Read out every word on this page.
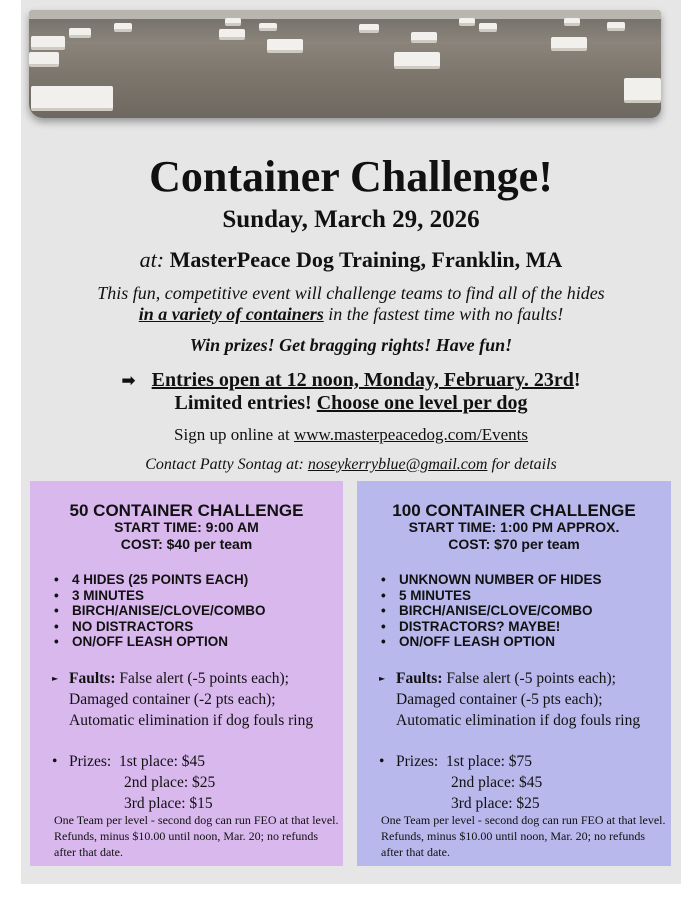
Container Challenge!
Sunday, March 29, 2026
at: MasterPeace Dog Training, Franklin, MA
This fun, competitive event will challenge teams to find all of the hides
in a variety of containers in the fastest time with no faults!
Win prizes! Get bragging rights! Have fun!
➡ Entries open at 12 noon, Monday, February. 23rd!
Limited entries! Choose one level per dog
Sign up online at www.masterpeacedog.com/Events
Contact Patty Sontag at: noseykerryblue@gmail.com for details
50 CONTAINER CHALLENGE
START TIME: 9:00 AM
COST: $40 per team
• 4 HIDES (25 POINTS EACH)
• 3 MINUTES
• BIRCH/ANISE/CLOVE/COMBO
• NO DISTRACTORS
• ON/OFF LEASH OPTION
► Faults: False alert (-5 points each); Damaged container (-2 pts each); Automatic elimination if dog fouls ring
• Prizes: 1st place: $45
2nd place: $25
3rd place: $15
One Team per level - second dog can run FEO at that level. Refunds, minus $10.00 until noon, Mar. 20; no refunds after that date.
100 CONTAINER CHALLENGE
START TIME: 1:00 PM APPROX.
COST: $70 per team
• UNKNOWN NUMBER OF HIDES
• 5 MINUTES
• BIRCH/ANISE/CLOVE/COMBO
• DISTRACTORS? MAYBE!
• ON/OFF LEASH OPTION
► Faults: False alert (-5 points each); Damaged container (-5 pts each); Automatic elimination if dog fouls ring
• Prizes: 1st place: $75
2nd place: $45
3rd place: $25
One Team per level - second dog can run FEO at that level. Refunds, minus $10.00 until noon, Mar. 20; no refunds after that date.
